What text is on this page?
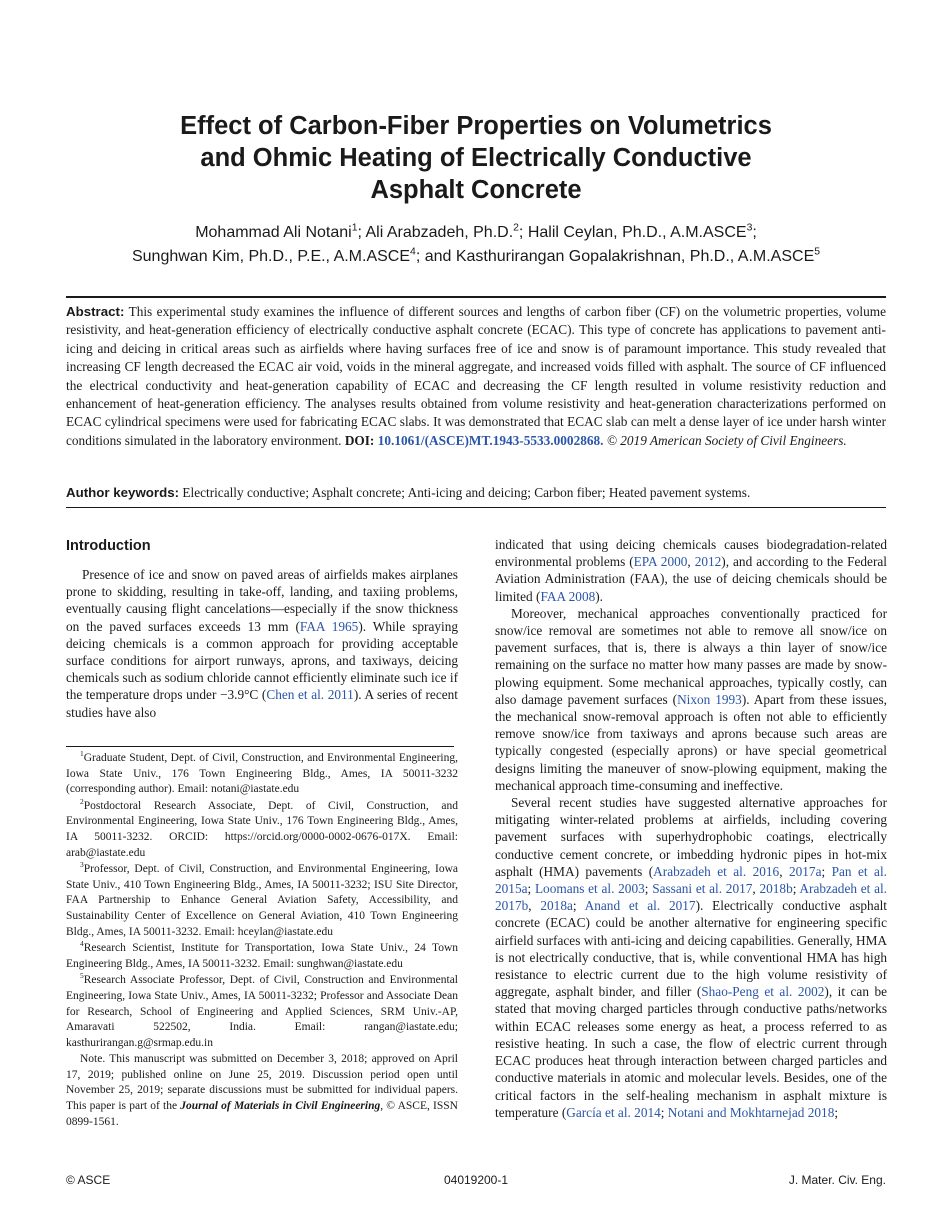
Effect of Carbon-Fiber Properties on Volumetrics
and Ohmic Heating of Electrically Conductive
Asphalt Concrete
Mohammad Ali Notani$^1$; Ali Arabzadeh, Ph.D.$^2$; Halil Ceylan, Ph.D., A.M.ASCE$^3$;
Sunghwan Kim, Ph.D., P.E., A.M.ASCE$^4$; and Kasthurirangan Gopalakrishnan, Ph.D., A.M.ASCE$^5$
Abstract: This experimental study examines the influence of different sources and lengths of carbon fiber (CF) on the volumetric properties, volume resistivity, and heat-generation efficiency of electrically conductive asphalt concrete (ECAC). This type of concrete has applications to pavement anti-icing and deicing in critical areas such as airfields where having surfaces free of ice and snow is of paramount importance. This study revealed that increasing CF length decreased the ECAC air void, voids in the mineral aggregate, and increased voids filled with asphalt. The source of CF influenced the electrical conductivity and heat-generation capability of ECAC and decreasing the CF length resulted in volume resistivity reduction and enhancement of heat-generation efficiency. The analyses results obtained from volume resistivity and heat-generation characterizations performed on ECAC cylindrical specimens were used for fabricating ECAC slabs. It was demonstrated that ECAC slab can melt a dense layer of ice under harsh winter conditions simulated in the laboratory environment. DOI: 10.1061/(ASCE)MT.1943-5533.0002868. © 2019 American Society of Civil Engineers.
Author keywords: Electrically conductive; Asphalt concrete; Anti-icing and deicing; Carbon fiber; Heated pavement systems.
Introduction

Presence of ice and snow on paved areas of airfields makes airplanes prone to skidding, resulting in take-off, landing, and taxiing problems, eventually causing flight cancelations—especially if the snow thickness on the paved surfaces exceeds 13 mm (FAA 1965). While spraying deicing chemicals is a common approach for providing acceptable surface conditions for airport runways, aprons, and taxiways, deicing chemicals such as sodium chloride cannot efficiently eliminate such ice if the temperature drops under −3.9°C (Chen et al. 2011). A series of recent studies have also

$^1$Graduate Student, Dept. of Civil, Construction, and Environmental Engineering, Iowa State Univ., 176 Town Engineering Bldg., Ames, IA 50011-3232 (corresponding author). Email: notani@iastate.edu

$^2$Postdoctoral Research Associate, Dept. of Civil, Construction, and Environmental Engineering, Iowa State Univ., 176 Town Engineering Bldg., Ames, IA 50011-3232. ORCID: https://orcid.org/0000-0002-0676-017X. Email: arab@iastate.edu

$^3$Professor, Dept. of Civil, Construction, and Environmental Engineering, Iowa State Univ., 410 Town Engineering Bldg., Ames, IA 50011-3232; ISU Site Director, FAA Partnership to Enhance General Aviation Safety, Accessibility, and Sustainability Center of Excellence on General Aviation, 410 Town Engineering Bldg., Ames, IA 50011-3232. Email: hceylan@iastate.edu

$^4$Research Scientist, Institute for Transportation, Iowa State Univ., 24 Town Engineering Bldg., Ames, IA 50011-3232. Email: sunghwan@iastate.edu

$^5$Research Associate Professor, Dept. of Civil, Construction and Environmental Engineering, Iowa State Univ., Ames, IA 50011-3232; Professor and Associate Dean for Research, School of Engineering and Applied Sciences, SRM Univ.-AP, Amaravati 522502, India. Email: rangan@iastate.edu; kasthurirangan.g@srmap.edu.in

Note. This manuscript was submitted on December 3, 2018; approved on April 17, 2019; published online on June 25, 2019. Discussion period open until November 25, 2019; separate discussions must be submitted for individual papers. This paper is part of the Journal of Materials in Civil Engineering, © ASCE, ISSN 0899-1561.

indicated that using deicing chemicals causes biodegradation-related environmental problems (EPA 2000, 2012), and according to the Federal Aviation Administration (FAA), the use of deicing chemicals should be limited (FAA 2008).

Moreover, mechanical approaches conventionally practiced for snow/ice removal are sometimes not able to remove all snow/ice on pavement surfaces, that is, there is always a thin layer of snow/ice remaining on the surface no matter how many passes are made by snow-plowing equipment. Some mechanical approaches, typically costly, can also damage pavement surfaces (Nixon 1993). Apart from these issues, the mechanical snow-removal approach is often not able to efficiently remove snow/ice from taxiways and aprons because such areas are typically congested (especially aprons) or have special geometrical designs limiting the maneuver of snow-plowing equipment, making the mechanical approach time-consuming and ineffective.

Several recent studies have suggested alternative approaches for mitigating winter-related problems at airfields, including covering pavement surfaces with superhydrophobic coatings, electrically conductive cement concrete, or imbedding hydronic pipes in hot-mix asphalt (HMA) pavements (Arabzadeh et al. 2016, 2017a; Pan et al. 2015a; Loomans et al. 2003; Sassani et al. 2017, 2018b; Arabzadeh et al. 2017b, 2018a; Anand et al. 2017). Electrically conductive asphalt concrete (ECAC) could be another alternative for engineering specific airfield surfaces with anti-icing and deicing capabilities. Generally, HMA is not electrically conductive, that is, while conventional HMA has high resistance to electric current due to the high volume resistivity of aggregate, asphalt binder, and filler (Shao-Peng et al. 2002), it can be stated that moving charged particles through conductive paths/networks within ECAC releases some energy as heat, a process referred to as resistive heating. In such a case, the flow of electric current through ECAC produces heat through interaction between charged particles and conductive materials in atomic and molecular levels. Besides, one of the critical factors in the self-healing mechanism in asphalt mixture is temperature (García et al. 2014; Notani and Mokhtarnejad 2018;

© ASCE	04019200-1	J. Mater. Civ. Eng.
